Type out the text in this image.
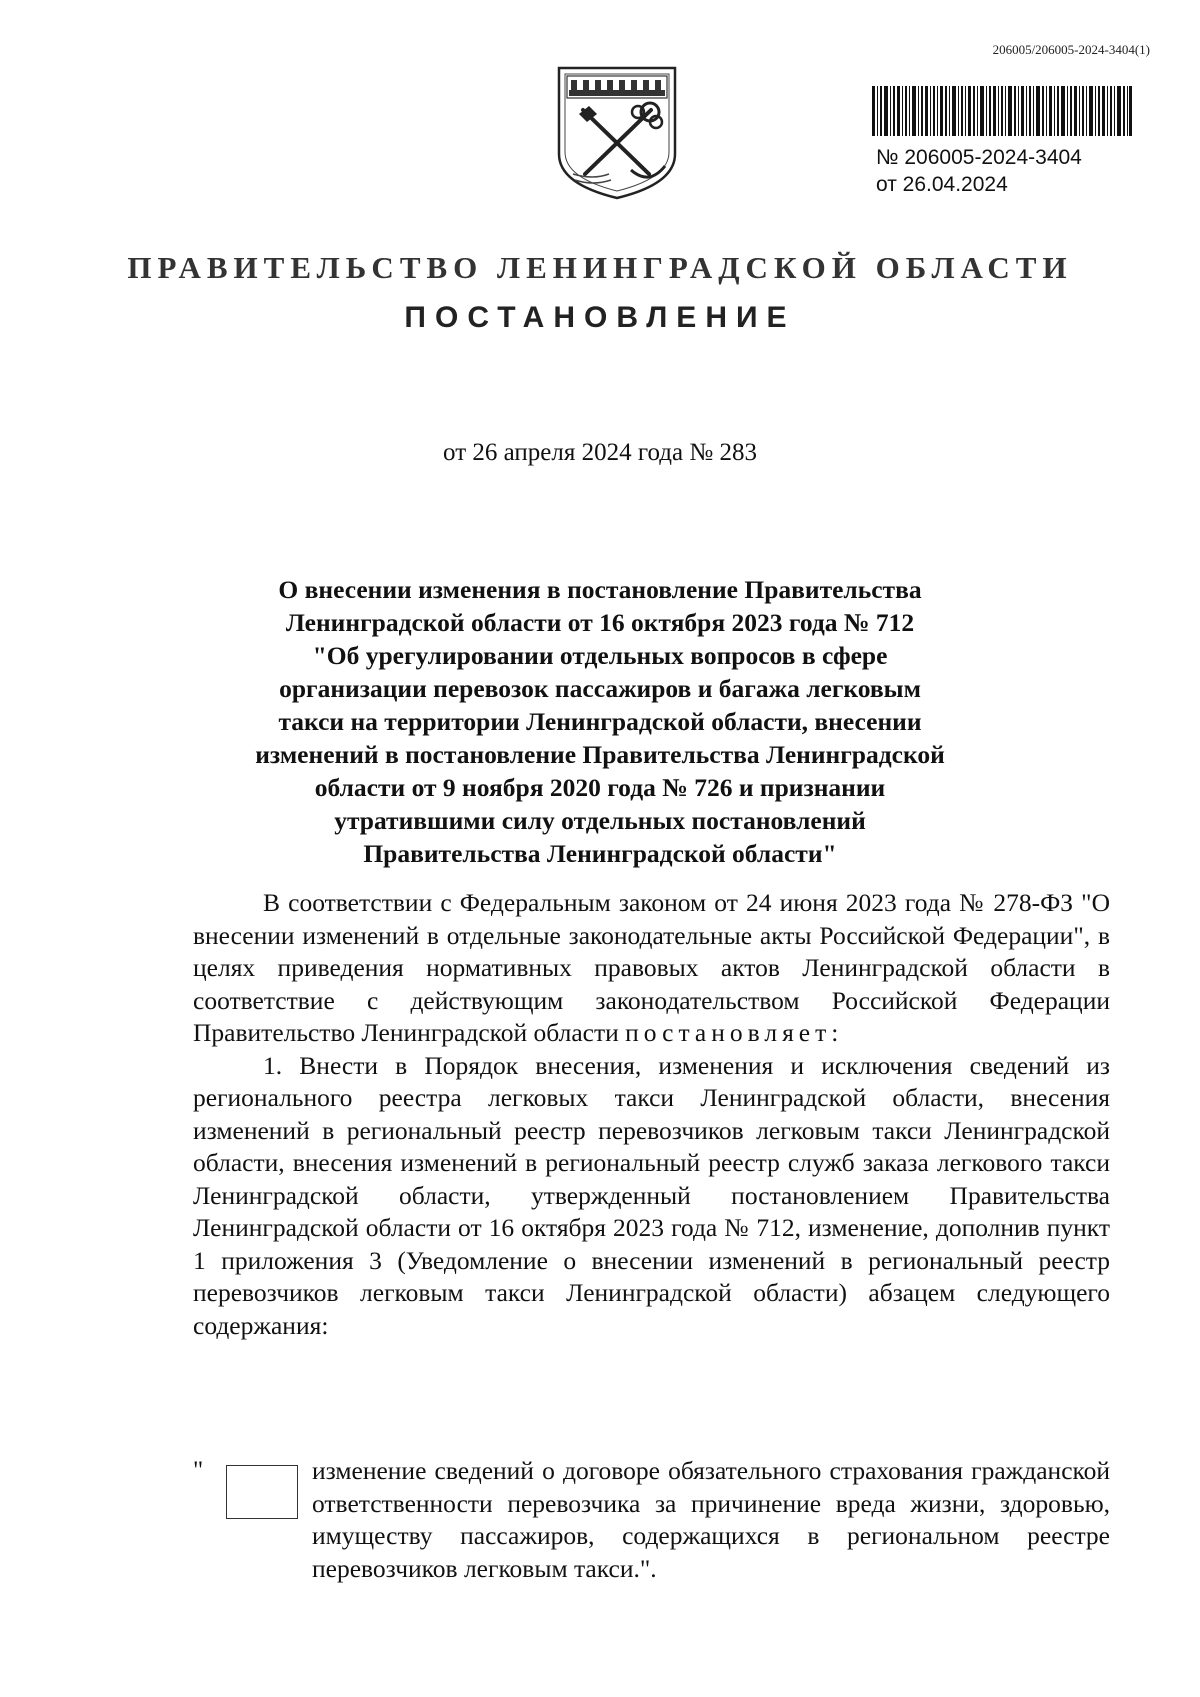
206005/206005-2024-3404(1)
№ 206005-2024-3404
от 26.04.2024
ПРАВИТЕЛЬСТВО ЛЕНИНГРАДСКОЙ ОБЛАСТИ
ПОСТАНОВЛЕНИЕ
от 26 апреля 2024 года № 283
О внесении изменения в постановление Правительства
Ленинградской области от 16 октября 2023 года № 712
"Об урегулировании отдельных вопросов в сфере
организации перевозок пассажиров и багажа легковым
такси на территории Ленинградской области, внесении
изменений в постановление Правительства Ленинградской
области от 9 ноября 2020 года № 726 и признании
утратившими силу отдельных постановлений
Правительства Ленинградской области"

В соответствии с Федеральным законом от 24 июня 2023 года № 278-ФЗ "О внесении изменений в отдельные законодательные акты Российской Федерации", в целях приведения нормативных правовых актов Ленинградской области в соответствие с действующим законодательством Российской Федерации Правительство Ленинградской области постановляет:

1. Внести в Порядок внесения, изменения и исключения сведений из регионального реестра легковых такси Ленинградской области, внесения изменений в региональный реестр перевозчиков легковым такси Ленинградской области, внесения изменений в региональный реестр служб заказа легкового такси Ленинградской области, утвержденный постановлением Правительства Ленинградской области от 16 октября 2023 года № 712, изменение, дополнив пункт 1 приложения 3 (Уведомление о внесении изменений в региональный реестр перевозчиков легковым такси Ленинградской области) абзацем следующего содержания:

"	изменение сведений о договоре обязательного страхования гражданской ответственности перевозчика за причинение вреда жизни, здоровью, имуществу пассажиров, содержащихся в региональном реестре перевозчиков легковым такси.".
